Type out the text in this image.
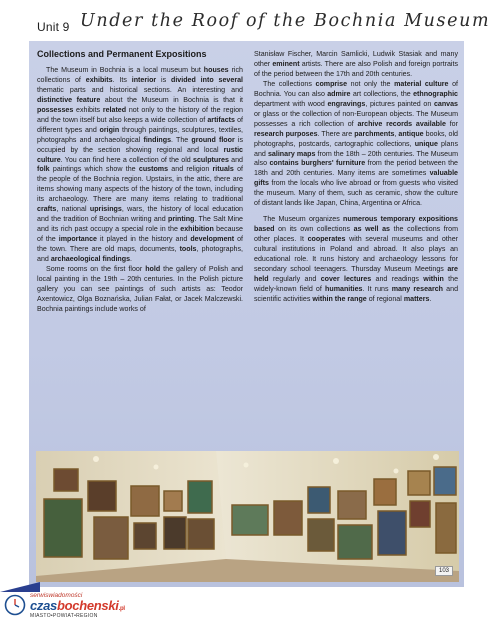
Unit 9 Under the Roof of the Bochnia Museum
Collections and Permanent Expositions

The Museum in Bochnia is a local museum but houses rich collections of exhibits. Its interior is divided into several thematic parts and historical sections. An interesting and distinctive feature about the Museum in Bochnia is that it possesses exhibits related not only to the history of the region and the town itself but also keeps a wide collection of artifacts of different types and origin through paintings, sculptures, textiles, photographs and archaeological findings. The ground floor is occupied by the section showing regional and local rustic culture. You can find here a collection of the old sculptures and folk paintings which show the customs and religion rituals of the people of the Bochnia region. Upstairs, in the attic, there are items showing many aspects of the history of the town, including its archaeology. There are many items relating to traditional crafts, national uprisings, wars, the history of local education and the tradition of Bochnian writing and printing. The Salt Mine and its rich past occupy a special role in the exhibition because of the importance it played in the history and development of the town. There are old maps, documents, tools, photographs, and archaeological findings.

Some rooms on the first floor hold the gallery of Polish and local painting in the 19th – 20th centuries. In the Polish picture gallery you can see paintings of such artists as: Teodor Axentowicz, Olga Boznańska, Julian Fałat, or Jacek Malczewski. Bochnia paintings include works of

Stanisław Fischer, Marcin Samlicki, Ludwik Stasiak and many other eminent artists. There are also Polish and foreign portraits of the period between the 17th and 20th centuries.

The collections comprise not only the material culture of Bochnia. You can also admire art collections, the ethnographic department with wood engravings, pictures painted on canvas or glass or the collection of non-European objects. The Museum possesses a rich collection of archive records available for research purposes. There are parchments, antique books, old photographs, postcards, cartographic collections, unique plans and salinary maps from the 18th – 20th centuries. The Museum also contains burghers' furniture from the period between the 18th and 20th centuries. Many items are sometimes valuable gifts from the locals who live abroad or from guests who visited the museum. Many of them, such as ceramic, show the culture of distant lands like Japan, China, Argentina or Africa.

The Museum organizes numerous temporary expositions based on its own collections as well as the collections from other places. It cooperates with several museums and other cultural institutions in Poland and abroad. It also plays an educational role. It runs history and archaeology lessons for secondary school teenagers. Thursday Museum Meetings are held regularly and cover lectures and readings within the widely-known field of humanities. It runs many research and scientific activities within the range of regional matters.

103
serwiswiadomości
czasbochenski.pl
MIASTO•POWIAT•REGION
